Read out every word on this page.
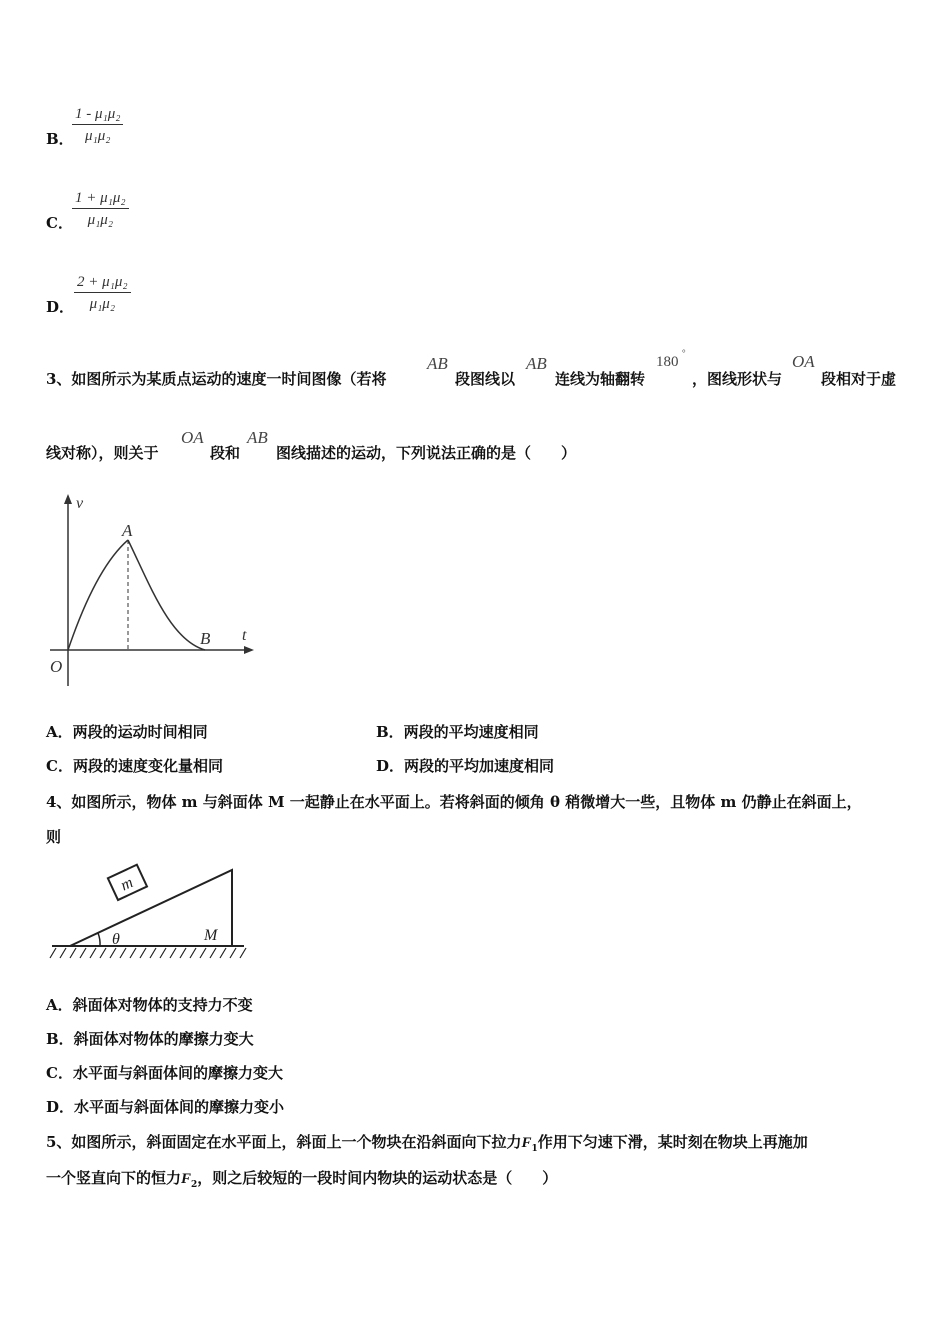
B．
$\frac{\text{1 - μ₁μ₂}}{\text{μ₁μ₂}}$
C． $\frac{\text{1 + μ₁μ₂}}{\text{μ₁μ₂}}$
D． $\frac{\text{2 + μ₁μ₂}}{\text{μ₁μ₂}}$
3、如图所示为某质点运动的速度一时间图像（若将
AB
段图线以
AB
连线为轴翻转
180
°
，图线形状与
OA
段相对于虚
线对称），则关于
OA
段和
AB
图线描述的运动，下列说法正确的是（　　）
v
A
B t
O
A．两段的运动时间相同	B．两段的平均速度相同
C．两段的速度变化量相同	D．两段的平均加速度相同
4、如图所示，物体 m 与斜面体 M 一起静止在水平面上。若将斜面的倾角 θ 稍微增大一些，且物体 m 仍静止在斜面上，
则
m
θ	M
A．斜面体对物体的支持力不变
B．斜面体对物体的摩擦力变大
C．水平面与斜面体间的摩擦力变大
D．水平面与斜面体间的摩擦力变小
5、如图所示，斜面固定在水平面上，斜面上一个物块在沿斜面向下拉力$F_1$作用下匀速下滑，某时刻在物块上再施加
一个竖直向下的恒力$F_2$，则之后较短的一段时间内物块的运动状态是（　　）
